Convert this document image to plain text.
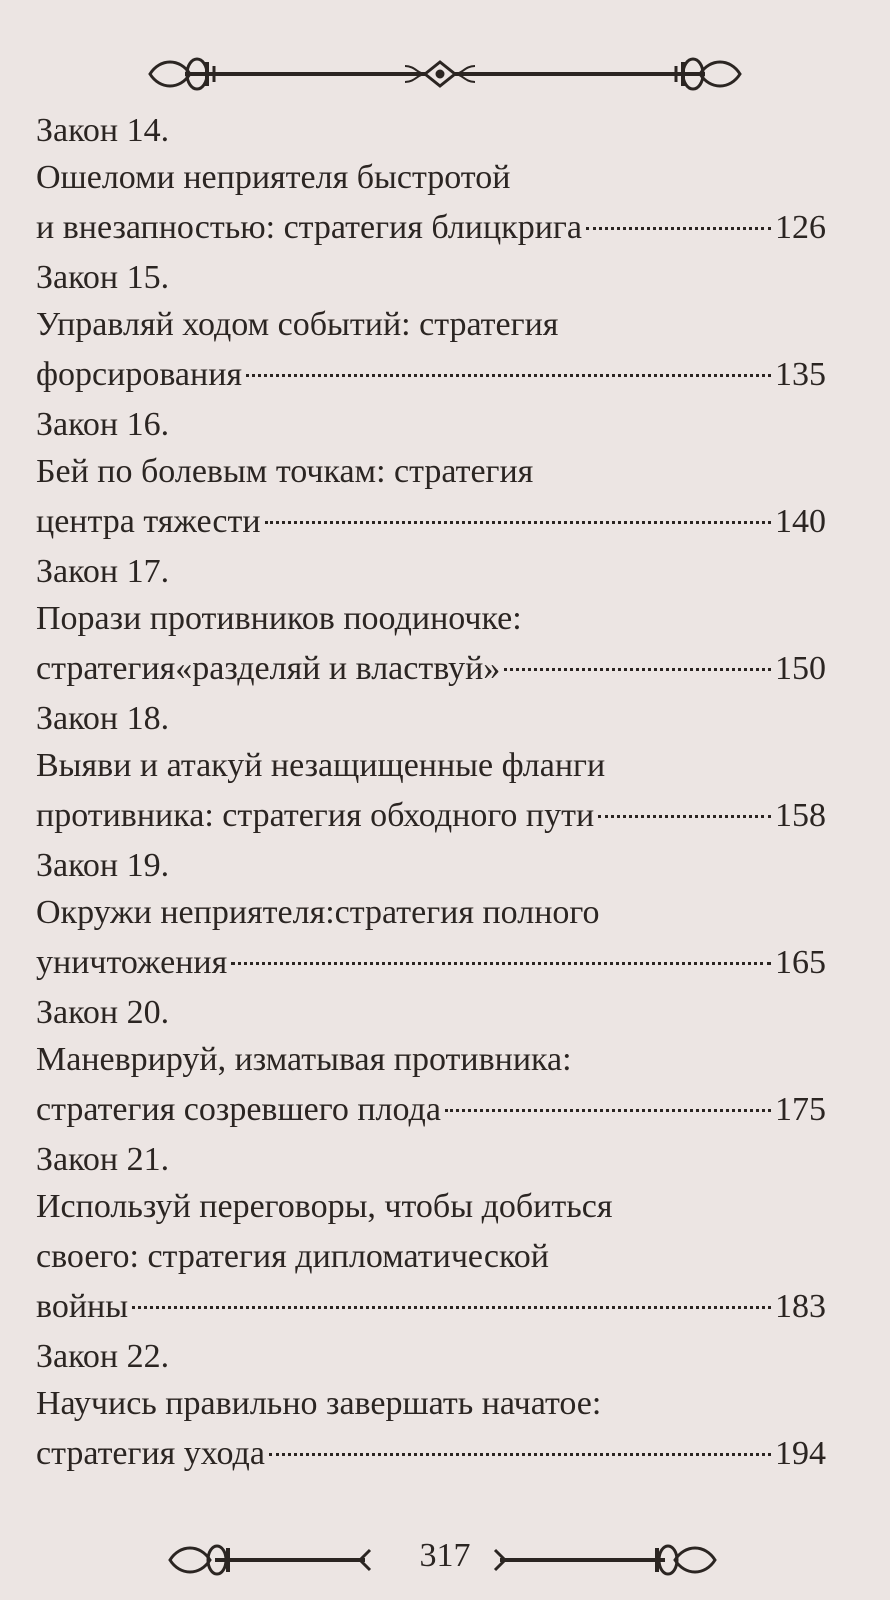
Закон 14.
Ошеломи неприятеля быстротой
и внезапностью: стратегия блицкрига	126
Закон 15.
Управляй ходом событий: стратегия
форсирования	135
Закон 16.
Бей по болевым точкам: стратегия
центра тяжести	140
Закон 17.
Порази противников поодиночке:
стратегия«разделяй и властвуй»	150
Закон 18.
Выяви и атакуй незащищенные фланги
противника: стратегия обходного пути	158
Закон 19.
Окружи неприятеля:стратегия полного
уничтожения	165
Закон 20.
Маневрируй, изматывая противника:
стратегия созревшего плода	175
Закон 21.
Используй переговоры, чтобы добиться
своего: стратегия дипломатической
войны	183
Закон 22.
Научись правильно завершать начатое:
стратегия ухода	194
317
